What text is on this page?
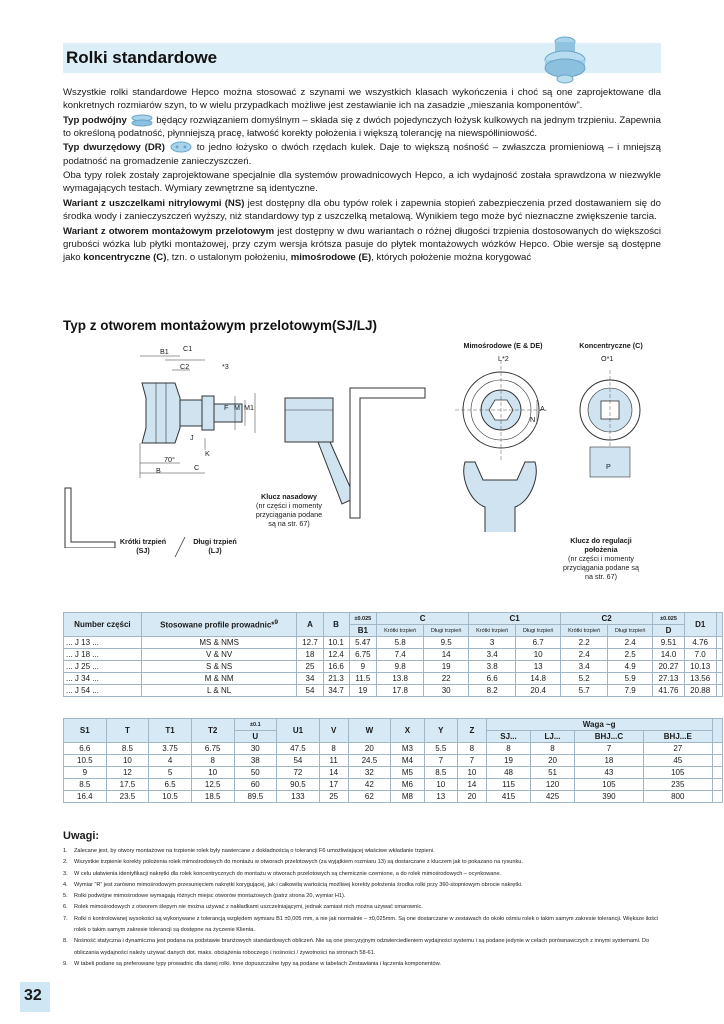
Rolki standardowe

Wszystkie rolki standardowe Hepco można stosować z szynami we wszystkich klasach wykończenia i choć są one zaprojektowane dla konkretnych rozmiarów szyn, to w wielu przypadkach możliwe jest zestawianie ich na zasadzie „mieszania komponentów”.

Typ podwójny	będący rozwiązaniem domyślnym – składa się z dwóch pojedynczych łożysk kulkowych na jednym trzpieniu. Zapewnia to określoną podatność, płynniejszą pracę, łatwość korekty położenia i większą tolerancję na niewspółliniowość.

Typ dwurzędowy (DR)	to jedno łożysko o dwóch rzędach kulek. Daje to większą nośność – zwłaszcza promieniową – i mniejszą podatność na gromadzenie zanieczyszczeń.

Oba typy rolek zostały zaprojektowane specjalnie dla systemów prowadnicowych Hepco, a ich wydajność została sprawdzona w niezwykle wymagających testach. Wymiary zewnętrzne są identyczne.

Wariant z uszczelkami nitrylowymi (NS) jest dostępny dla obu typów rolek i zapewnia stopień zabezpieczenia przed dostawaniem się do środka wody i zanieczyszczeń wyższy, niż standardowy typ z uszczelką metalową. Wynikiem tego może być nieznaczne zwiększenie tarcia.

Wariant z otworem montażowym przelotowym jest dostępny w dwu wariantach o różnej długości trzpienia dostosowanych do większości grubości wózka lub płytki montażowej, przy czym wersja krótsza pasuje do płytek montażowych wózków Hepco. Obie wersje są dostępne jako koncentryczne (C), tzn. o ustalonym położeniu, mimośrodowe (E), których położenie można korygować

Typ z otworem montażowym przelotowym(SJ/LJ)
B1 C1
C2	*3
F M M1
J
K
70°
B	C
Krótki trzpień
(SJ)
Długi trzpień
(LJ)
Klucz nasadowy
(nr części i momenty przyciągania podane są na str. 67)
Mimośrodowe (E & DE)	Koncentryczne (C)
L*2	O*1
A
N
P
Klucz do regulacji położenia
(nr części i momenty przyciągania podane są na str. 67)
Number części	Stosowane profile prowadnic*$^9$	A	B	±0.025	C		C1		C2		±0.025	D1	
				B1	Krótki trzpień	Długi trzpień	Krótki trzpień	Długi trzpień	Krótki trzpień	Długi trzpień	D		
... J 13 ...	MS & NMS	12.7	10.1	5.47	5.8	9.5	3	6.7	2.2	2.4	9.51	4.76	
... J 18 ...	V & NV	18	12.4	6.75	7.4	14	3.4	10	2.4	2.5	14.0	7.0	
... J 25 ...	S & NS	25	16.6	9	9.8	19	3.8	13	3.4	4.9	20.27	10.13	
... J 34 ...	M & NM	34	21.3	11.5	13.8	22	6.6	14.8	5.2	5.9	27.13	13.56	
... J 54 ...	L & NL	54	34.7	19	17.8	30	8.2	20.4	5.7	7.9	41.76	20.88	
S1	T	T1	T2	±0.1	U1	V	W	X	Y	Z	Waga ~g				
				U							SJ...	LJ...	BHJ...C	BHJ...E	
6.6	8.5	3.75	6.75	30	47.5	8	20	M3	5.5	8	8	8	7	27	
10.5	10	4	8	38	54	11	24.5	M4	7	7	19	20	18	45	
9	12	5	10	50	72	14	32	M5	8.5	10	48	51	43	105	
8.5	17.5	6.5	12.5	60	90.5	17	42	M6	10	14	115	120	105	235	
16.4	23.5	10.5	18.5	89.5	133	25	62	M8	13	20	415	425	390	800	
Uwagi:
1. Zalecane jest, by otwory montażowe na trzpienie rolek były nawiercane z dokładnością o tolerancji F6 umożliwiającej właściwe wkładanie trzpieni.
2. Wszystkie trzpienie korekty położenia rolek mimośrodowych do montażu w otworach przelotowych (za wyjątkiem rozmiaru 13) są dostarczane z kluczem jak to pokazano na rysunku.
3. W celu ułatwienia identyfikacji nakrętki dla rolek koncentrycznych do montażu w otworach przelotowych są chemicznie czernione, a do rolek mimośrodowych – ocynkowane.
4. Wymiar “R” jest zarówno mimośrodowym przesunięciem nakrętki korygującej, jak i całkowitą wartością możliwej korekty położenia środka rolki przy 360-stopniowym obrocie nakrętki.
5. Rolki podwójne mimośrodowe wymagają różnych miejsc otworów montażowych (patrz strona 20, wymiar H1).
6. Rolek mimośrodowych z otworem ślepym nie można używać z nakładkami uszczelniającymi, jednak zamiast nich można używać smarownic.
7. Rolki o kontrolowanej wysokości są wykonywane z tolerancją względem wymiaru B1 ±0,005 mm, a nie jak normalnie – ±0,025mm. Są one dostarczane w zestawach do około ośmiu rolek o takim samym zakresie tolerancji. Większe ilości rolek o takim samym zakresie tolerancji są dostępne na życzenie Klienta.
8. Nośność statyczna i dynamiczna jest podana na podstawie branżowych standardowych obliczeń. Nie są one precyzyjnym odzwierciedleniem wydajności systemu i są podane jedynie w celach porównawczych z innymi systemami. Do obliczania wydajności należy używać danych dot. maks. obciążenia roboczego i nośności / żywotności na stronach 58-61.
9. W tabeli podane są preferowane typy prowadnic dla danej rolki. Inne dopuszczalne typy są podane w tabelach Zestawiania i łączenia komponentów.
32
